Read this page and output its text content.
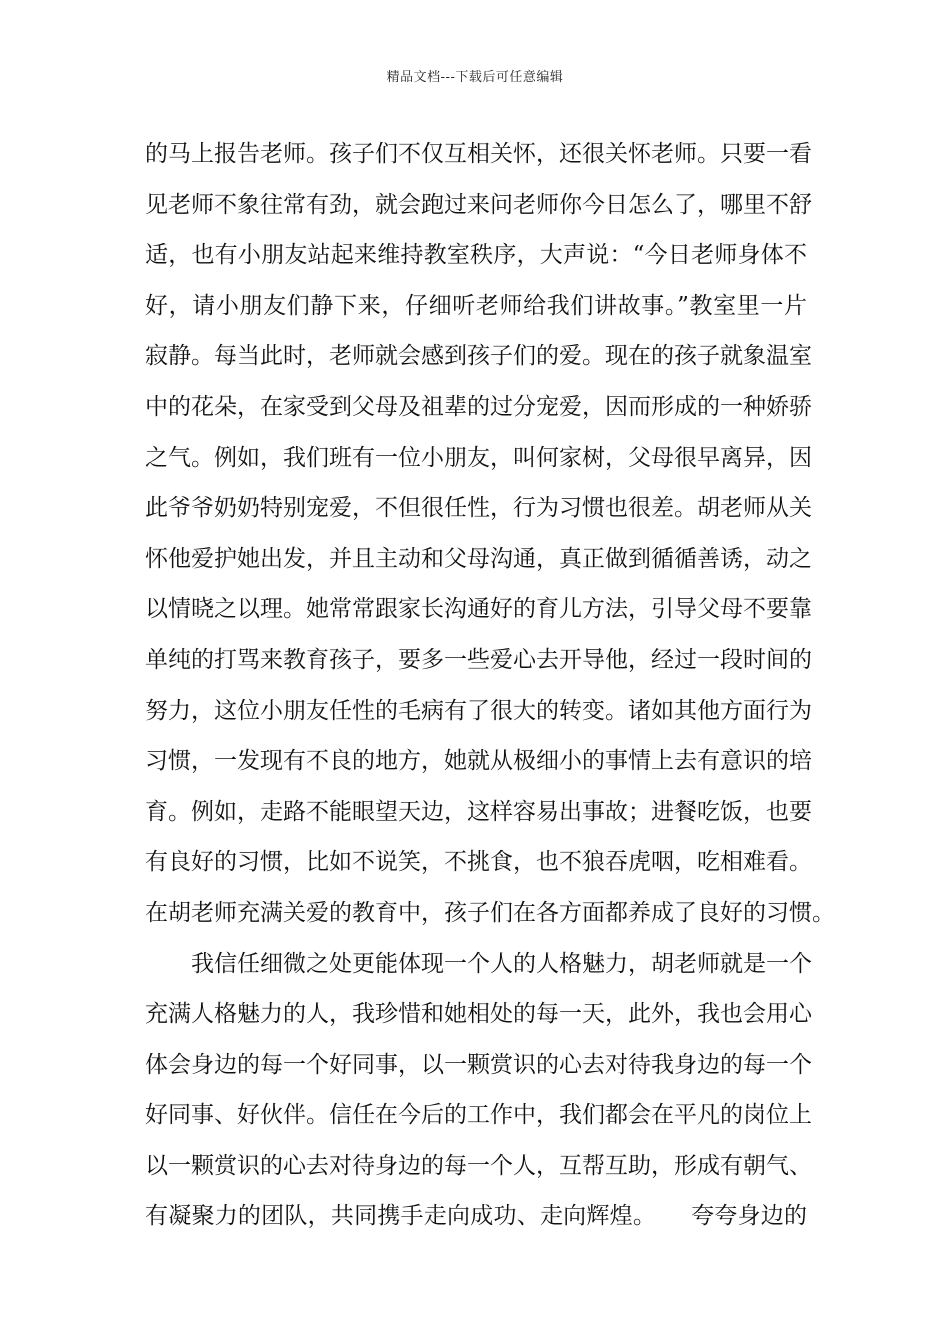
精品文档---下载后可任意编辑
的马上报告老师。孩子们不仅互相关怀，还很关怀老师。只要一看
见老师不象往常有劲，就会跑过来问老师你今日怎么了，哪里不舒
适，也有小朋友站起来维持教室秩序，大声说：“今日老师身体不
好，请小朋友们静下来，仔细听老师给我们讲故事。”教室里一片
寂静。每当此时，老师就会感到孩子们的爱。现在的孩子就象温室
中的花朵，在家受到父母及祖辈的过分宠爱，因而形成的一种娇骄
之气。例如，我们班有一位小朋友，叫何家树，父母很早离异，因
此爷爷奶奶特别宠爱，不但很任性，行为习惯也很差。胡老师从关
怀他爱护她出发，并且主动和父母沟通，真正做到循循善诱，动之
以情晓之以理。她常常跟家长沟通好的育儿方法，引导父母不要靠
单纯的打骂来教育孩子，要多一些爱心去开导他，经过一段时间的
努力，这位小朋友任性的毛病有了很大的转变。诸如其他方面行为
习惯，一发现有不良的地方，她就从极细小的事情上去有意识的培
育。例如，走路不能眼望天边，这样容易出事故；进餐吃饭，也要
有良好的习惯，比如不说笑，不挑食，也不狼吞虎咽，吃相难看。
在胡老师充满关爱的教育中，孩子们在各方面都养成了良好的习惯。
我信任细微之处更能体现一个人的人格魅力，胡老师就是一个
充满人格魅力的人，我珍惜和她相处的每一天，此外，我也会用心
体会身边的每一个好同事，以一颗赏识的心去对待我身边的每一个
好同事、好伙伴。信任在今后的工作中，我们都会在平凡的岗位上
以一颗赏识的心去对待身边的每一个人，互帮互助，形成有朝气、
有凝聚力的团队，共同携手走向成功、走向辉煌。　　夸夸身边的
